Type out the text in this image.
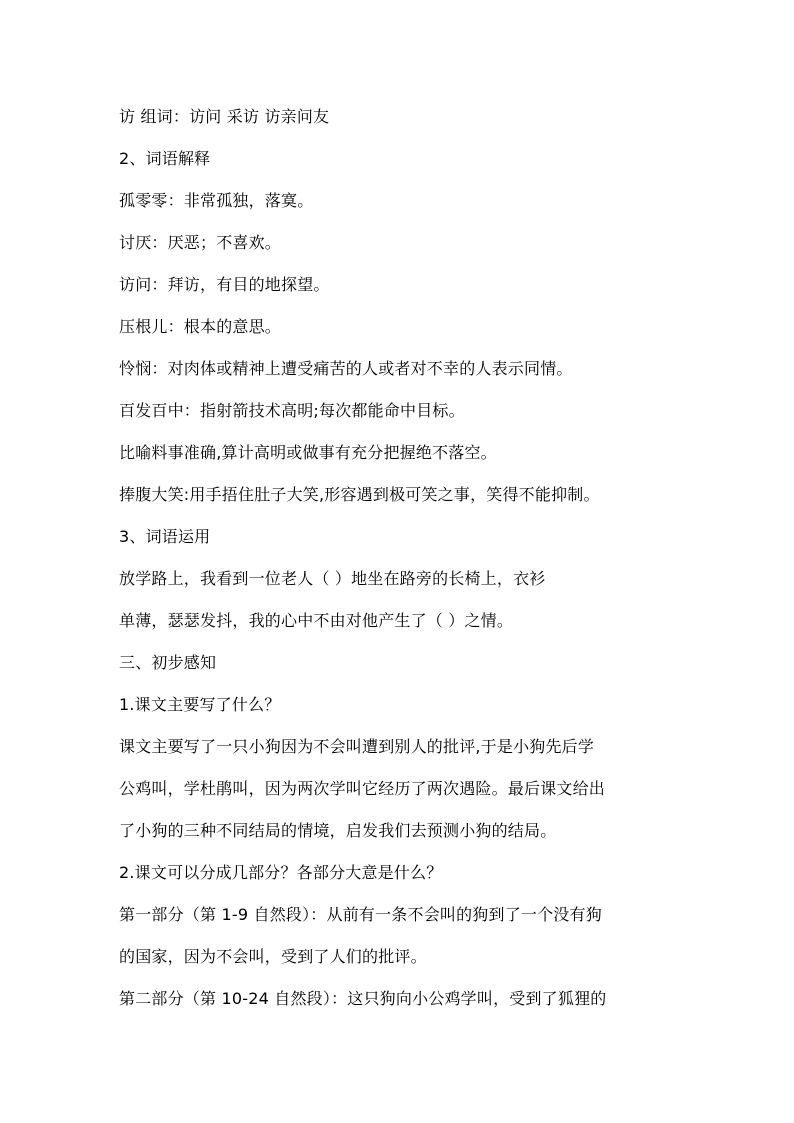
访 组词：访问 采访 访亲问友
2、词语解释
孤零零：非常孤独，落寞。
讨厌：厌恶；不喜欢。
访问：拜访，有目的地探望。
压根儿：根本的意思。
怜悯：对肉体或精神上遭受痛苦的人或者对不幸的人表示同情。
百发百中：指射箭技术高明;每次都能命中目标。
比喻料事准确,算计高明或做事有充分把握绝不落空。
捧腹大笑:用手捂住肚子大笑,形容遇到极可笑之事，笑得不能抑制。
3、词语运用
放学路上，我看到一位老人（ ）地坐在路旁的长椅上，衣衫
单薄，瑟瑟发抖，我的心中不由对他产生了（ ）之情。
三、初步感知
1.课文主要写了什么？
课文主要写了一只小狗因为不会叫遭到别人的批评,于是小狗先后学
公鸡叫，学杜鹃叫，因为两次学叫它经历了两次遇险。最后课文给出
了小狗的三种不同结局的情境，启发我们去预测小狗的结局。
2.课文可以分成几部分？各部分大意是什么？
第一部分（第 1-9 自然段）：从前有一条不会叫的狗到了一个没有狗
的国家，因为不会叫，受到了人们的批评。
第二部分（第 10-24 自然段）：这只狗向小公鸡学叫，受到了狐狸的
